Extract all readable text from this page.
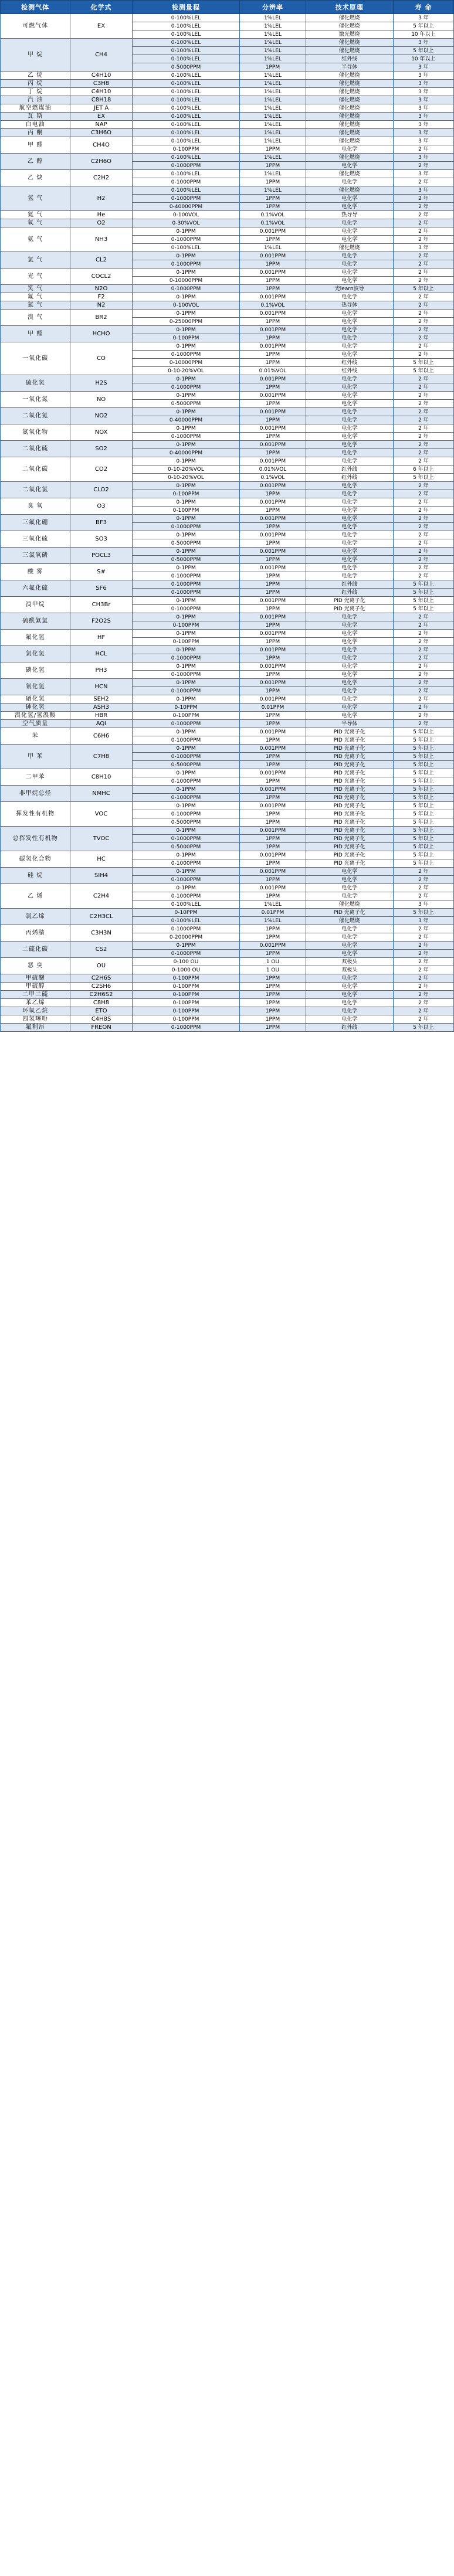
检测气体	化学式	检测量程	分辨率	技术原理	寿 命
可燃气体	EX	0-100%LEL	1%LEL	催化燃烧	3 年
		0-100%LEL	1%LEL	催化燃烧	5 年以上
		0-100%LEL	1%LEL	激光燃烧	10 年以上
甲 烷	CH4	0-100%LEL	1%LEL	催化燃烧	3 年
		0-100%LEL	1%LEL	催化燃烧	5 年以上
		0-100%LEL	1%LEL	红外线	10 年以上
		0-5000PPM	1PPM	半导体	3 年
乙 烷	C4H10	0-100%LEL	1%LEL	催化燃烧	3 年
丙 烷	C3H8	0-100%LEL	1%LEL	催化燃烧	3 年
丁 烷	C4H10	0-100%LEL	1%LEL	催化燃烧	3 年
汽 油	C8H18	0-100%LEL	1%LEL	催化燃烧	3 年
航空燃煤油	JET A	0-100%LEL	1%LEL	催化燃烧	3 年
瓦 斯	EX	0-100%LEL	1%LEL	催化燃烧	3 年
白电油	NAP	0-100%LEL	1%LEL	催化燃烧	3 年
丙 酮	C3H6O	0-100%LEL	1%LEL	催化燃烧	3 年
甲 醛	CH4O	0-100%LEL	1%LEL	催化燃烧	3 年
		0-100PPM	1PPM	电化学	2 年
乙 醇	C2H6O	0-100%LEL	1%LEL	催化燃烧	3 年
		0-1000PPM	1PPM	电化学	2 年
乙 炔	C2H2	0-100%LEL	1%LEL	催化燃烧	3 年
		0-1000PPM	1PPM	电化学	2 年
氢 气	H2	0-100%LEL	1%LEL	催化燃烧	3 年
		0-1000PPM	1PPM	电化学	2 年
		0-40000PPM	1PPM	电化学	2 年
氦 气	He	0-100VOL	0.1%VOL	热导导	2 年
氧 气	O2	0-30%VOL	0.1%VOL	电化学	2 年
氨 气	NH3	0-1PPM	0.001PPM	电化学	2 年
		0-1000PPM	1PPM	电化学	2 年
		0-100%LEL	1%LEL	催化燃烧	3 年
氯 气	CL2	0-1PPM	0.001PPM	电化学	2 年
		0-1000PPM	1PPM	电化学	2 年
光 气	COCL2	0-1PPM	0.001PPM	电化学	2 年
		0-10000PPM	1PPM	电化学	2 年
笑 气	N2O	0-1000PPM	1PPM	光learn波导	5 年以上
氟 气	F2	0-1PPM	0.001PPM	电化学	2 年
氮 气	N2	0-100VOL	0.1%VOL	热导体	2 年
溴 气	BR2	0-1PPM	0.001PPM	电化学	2 年
		0-25000PPM	1PPM	电化学	2 年
甲 醛	HCHO	0-1PPM	0.001PPM	电化学	2 年
		0-100PPM	1PPM	电化学	2 年
一氧化碳	CO	0-1PPM	0.001PPM	电化学	2 年
		0-1000PPM	1PPM	电化学	2 年
		0-10000PPM	1PPM	红外线	5 年以上
		0-10-20%VOL	0.01%VOL	红外线	5 年以上
硫化氢	H2S	0-1PPM	0.001PPM	电化学	2 年
		0-1000PPM	1PPM	电化学	2 年
一氧化氮	NO	0-1PPM	0.001PPM	电化学	2 年
		0-5000PPM	1PPM	电化学	2 年
二氧化氮	NO2	0-1PPM	0.001PPM	电化学	2 年
		0-40000PPM	1PPM	电化学	2 年
氮氧化物	NOX	0-1PPM	0.001PPM	电化学	2 年
		0-1000PPM	1PPM	电化学	2 年
二氧化硫	SO2	0-1PPM	0.001PPM	电化学	2 年
		0-40000PPM	1PPM	电化学	2 年
二氧化碳	CO2	0-1PPM	0.001PPM	电化学	2 年
		0-10-20%VOL	0.01%VOL	红外线	6 年以上
		0-10-20%VOL	0.1%VOL	红外线	5 年以上
二氧化氯	CLO2	0-1PPM	0.001PPM	电化学	2 年
		0-100PPM	1PPM	电化学	2 年
臭 氧	O3	0-1PPM	0.001PPM	电化学	2 年
		0-100PPM	1PPM	电化学	2 年
三氟化硼	BF3	0-1PPM	0.001PPM	电化学	2 年
		0-1000PPM	1PPM	电化学	2 年
三氧化硫	SO3	0-1PPM	0.001PPM	电化学	2 年
		0-5000PPM	1PPM	电化学	2 年
三氯氧磷	POCL3	0-1PPM	0.001PPM	电化学	2 年
		0-5000PPM	1PPM	电化学	2 年
酸 雾	S#	0-1PPM	0.001PPM	电化学	2 年
		0-1000PPM	1PPM	电化学	2 年
六氟化硫	SF6	0-1000PPM	1PPM	红外线	5 年以上
		0-1000PPM	1PPM	红外线	5 年以上
溴甲烷	CH3Br	0-1PPM	0.001PPM	PID 光离子化	5 年以上
		0-1000PPM	1PPM	PID 光离子化	5 年以上
硫酰氟氯	F2O2S	0-1PPM	0.001PPM	电化学	2 年
		0-100PPM	1PPM	电化学	2 年
氟化氢	HF	0-1PPM	0.001PPM	电化学	2 年
		0-100PPM	1PPM	电化学	2 年
氯化氢	HCL	0-1PPM	0.001PPM	电化学	2 年
		0-1000PPM	1PPM	电化学	2 年
磷化氢	PH3	0-1PPM	0.001PPM	电化学	2 年
		0-1000PPM	1PPM	电化学	2 年
氰化氢	HCN	0-1PPM	0.001PPM	电化学	2 年
		0-1000PPM	1PPM	电化学	2 年
硒化氢	SEH2	0-1PPM	0.001PPM	电化学	2 年
砷化氢	ASH3	0-10PPM	0.01PPM	电化学	2 年
溴化氢/氢溴酸	HBR	0-100PPM	1PPM	电化学	2 年
空气质量	AQI	0-1000PPM	1PPM	半导体	2 年
苯	C6H6	0-1PPM	0.001PPM	PID 光离子化	5 年以上
		0-1000PPM	1PPM	PID 光离子化	5 年以上
甲 苯	C7H8	0-1PPM	0.001PPM	PID 光离子化	5 年以上
		0-1000PPM	1PPM	PID 光离子化	5 年以上
		0-5000PPM	1PPM	PID 光离子化	5 年以上
二甲苯	C8H10	0-1PPM	0.001PPM	PID 光离子化	5 年以上
		0-1000PPM	1PPM	PID 光离子化	5 年以上
非甲烷总烃	NMHC	0-1PPM	0.001PPM	PID 光离子化	5 年以上
		0-1000PPM	1PPM	PID 光离子化	5 年以上
挥发性有机物	VOC	0-1PPM	0.001PPM	PID 光离子化	5 年以上
		0-1000PPM	1PPM	PID 光离子化	5 年以上
		0-5000PPM	1PPM	PID 光离子化	5 年以上
总挥发性有机物	TVOC	0-1PPM	0.001PPM	PID 光离子化	5 年以上
		0-1000PPM	1PPM	PID 光离子化	5 年以上
		0-5000PPM	1PPM	PID 光离子化	5 年以上
碳氢化合物	HC	0-1PPM	0.001PPM	PID 光离子化	5 年以上
		0-1000PPM	1PPM	PID 光离子化	5 年以上
硅 烷	SIH4	0-1PPM	0.001PPM	电化学	2 年
		0-1000PPM	1PPM	电化学	2 年
乙 烯	C2H4	0-1PPM	0.001PPM	电化学	2 年
		0-1000PPM	1PPM	电化学	2 年
		0-100%LEL	1%LEL	催化燃烧	3 年
氯乙烯	C2H3CL	0-10PPM	0.01PPM	PID 光离子化	5 年以上
		0-100%LEL	1%LEL	催化燃烧	3 年
丙烯腈	C3H3N	0-1000PPM	1PPM	电化学	2 年
		0-20000PPM	1PPM	电化学	2 年
二硫化碳	CS2	0-1PPM	0.001PPM	电化学	2 年
		0-1000PPM	1PPM	电化学	2 年
恶 臭	OU	0-100 OU	1 OU	双极头	2 年
		0-1000 OU	1 OU	双极头	2 年
甲硫醚	C2H6S	0-100PPM	1PPM	电化学	2 年
甲硫醇	C2SH6	0-100PPM	1PPM	电化学	2 年
二甲二硫	C2H6S2	0-100PPM	1PPM	电化学	2 年
苯乙烯	C8H8	0-100PPM	1PPM	电化学	2 年
环氧乙烷	ETO	0-100PPM	1PPM	电化学	2 年
四氢噻吩	C4H8S	0-100PPM	1PPM	电化学	2 年
氟利昂	FREON	0-1000PPM	1PPM	红外线	5 年以上
